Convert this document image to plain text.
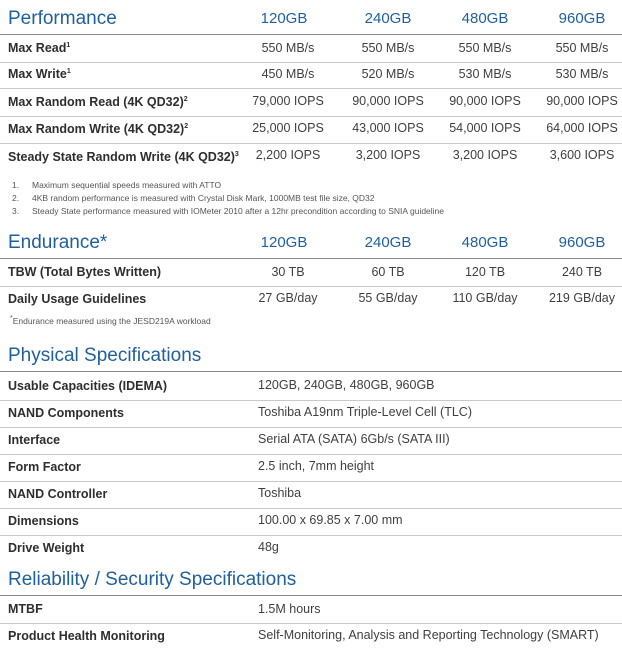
Performance	120GB	240GB	480GB	960GB
Max Read$^1$	550 MB/s	550 MB/s	550 MB/s	550 MB/s
Max Write$^1$	450 MB/s	520 MB/s	530 MB/s	530 MB/s
Max Random Read (4K QD32)$^2$	79,000 IOPS	90,000 IOPS	90,000 IOPS	90,000 IOPS
Max Random Write (4K QD32)$^2$	25,000 IOPS	43,000 IOPS	54,000 IOPS	64,000 IOPS
Steady State Random Write (4K QD32)$^3$	2,200 IOPS	3,200 IOPS	3,200 IOPS	3,600 IOPS
1. Maximum sequential speeds measured with ATTO
2. 4KB random performance is measured with Crystal Disk Mark, 1000MB test file size, QD32
3. Steady State performance measured with IOMeter 2010 after a 12hr precondition according to SNIA guideline
Endurance*	120GB	240GB	480GB	960GB
TBW (Total Bytes Written)	30 TB	60 TB	120 TB	240 TB
Daily Usage Guidelines	27 GB/day	55 GB/day	110 GB/day	219 GB/day
*Endurance measured using the JESD219A workload
Physical Specifications
Usable Capacities (IDEMA)	120GB, 240GB, 480GB, 960GB
NAND Components	Toshiba A19nm Triple-Level Cell (TLC)
Interface	Serial ATA (SATA) 6Gb/s (SATA III)
Form Factor	2.5 inch, 7mm height
NAND Controller	Toshiba
Dimensions	100.00 x 69.85 x 7.00 mm
Drive Weight	48g
Reliability / Security Specifications
MTBF	1.5M hours
Product Health Monitoring	Self-Monitoring, Analysis and Reporting Technology (SMART)
